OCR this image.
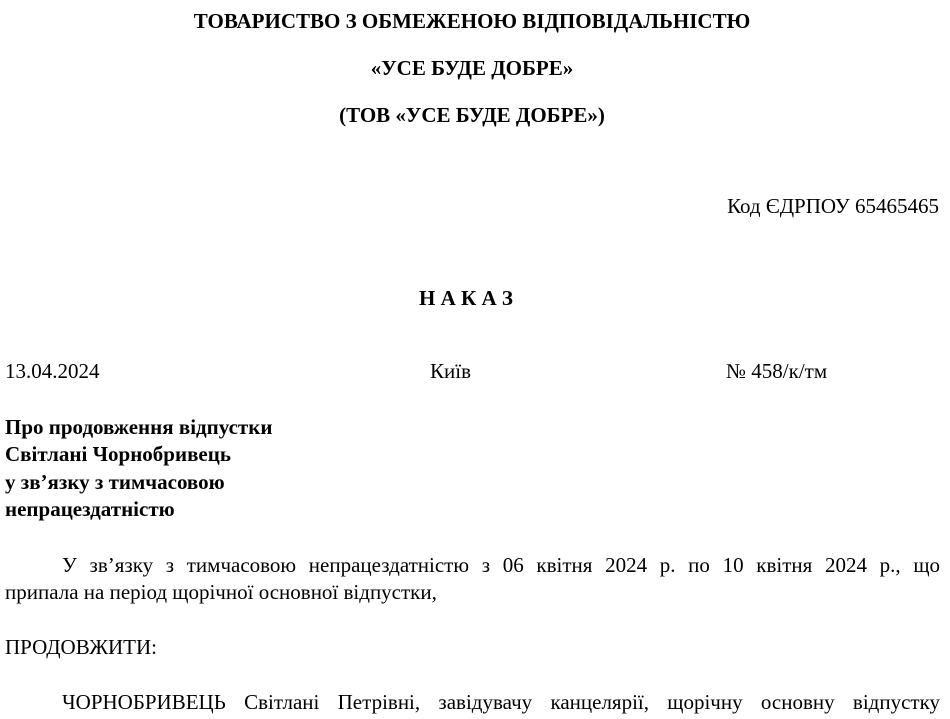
ТОВАРИСТВО З ОБМЕЖЕНОЮ ВІДПОВІДАЛЬНІСТЮ
«УСЕ БУДЕ ДОБРЕ»
(ТОВ «УСЕ БУДЕ ДОБРЕ»)
Код ЄДРПОУ 65465465
Н А К А З
13.04.2024	Київ	№ 458/к/тм
Про продовження відпустки
Світлані Чорнобривець
у зв’язку з тимчасовою
непрацездатністю
У зв’язку з тимчасовою непрацездатністю з 06 квітня 2024 р. по 10 квітня 2024 р., що
припала на період щорічної основної відпустки,
ПРОДОВЖИТИ:
ЧОРНОБРИВЕЦЬ Світлані Петрівні, завідувачу канцелярії, щорічну основну відпустку
